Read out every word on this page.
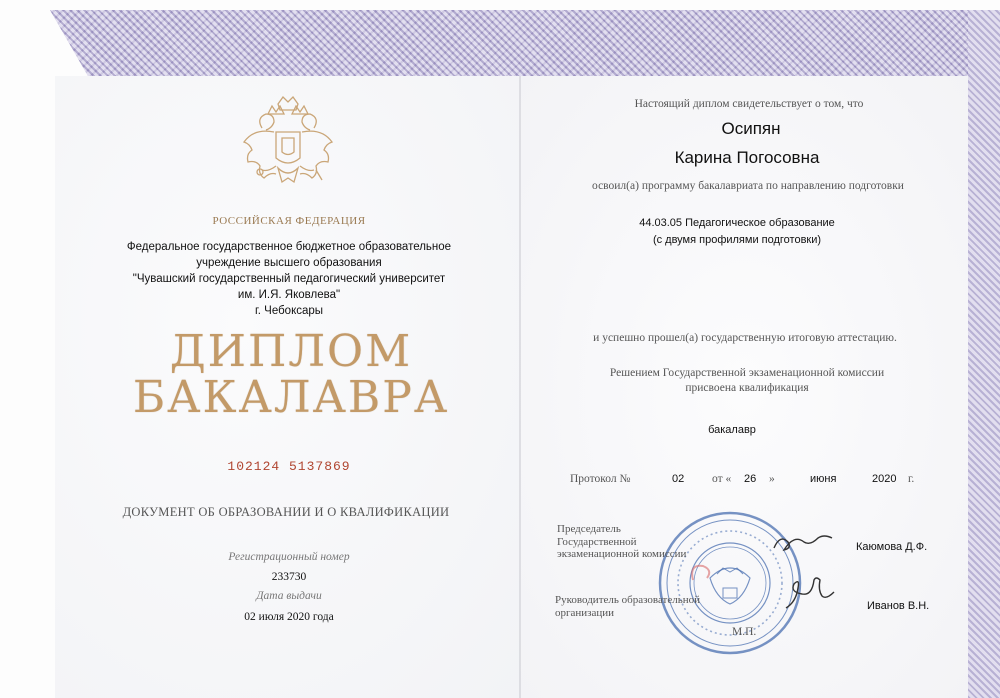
РОССИЙСКАЯ ФЕДЕРАЦИЯ
Федеральное государственное бюджетное образовательное
учреждение высшего образования
"Чувашский государственный педагогический университет
им. И.Я. Яковлева"
г. Чебоксары
ДИПЛОМ
БАКАЛАВРА
102124 5137869
ДОКУМЕНТ ОБ ОБРАЗОВАНИИ И О КВАЛИФИКАЦИИ
Регистрационный номер
233730
Дата выдачи
02 июля 2020 года
Настоящий диплом свидетельствует о том, что
Осипян
Карина Погосовна
освоил(а) программу бакалавриата по направлению подготовки
44.03.05 Педагогическое образование
(с двумя профилями подготовки)
и успешно прошел(а) государственную итоговую аттестацию.
Решением Государственной экзаменационной комиссии
присвоена квалификация
бакалавр
Протокол №	02 от « 26 »	июня	2020 г.
Председатель Государственной экзаменационной комиссии
Каюмова Д.Ф.
Руководитель образовательной организации
Иванов В.Н.
М.П.
